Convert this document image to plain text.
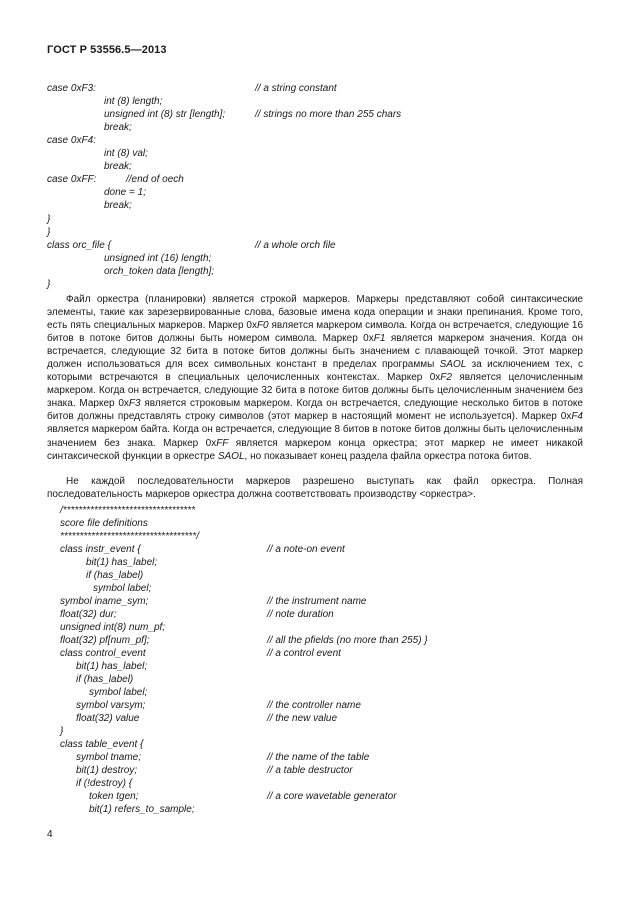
ГОСТ Р 53556.5—2013
case 0xF3:	// a string constant
int (8) length;
unsigned int (8) str [length];	// strings no more than 255 chars
break;
case 0xF4:
int (8) val;
break;
case 0xFF:	//end of oech
done = 1;
break;
}
}
class orc_file {	// a whole orch file
unsigned int (16) length;
orch_token data [length];
}
Файл оркестра (планировки) является строкой маркеров. Маркеры представляют собой синтаксические элементы, такие как зарезервированные слова, базовые имена кода операции и знаки препинания. Кроме того, есть пять специальных маркеров. Маркер 0xF0 является маркером символа. Когда он встречается, следующие 16 битов в потоке битов должны быть номером символа. Маркер 0xF1 является маркером значения. Когда он встречается, следующие 32 бита в потоке битов должны быть значением с плавающей точкой. Этот маркер должен использоваться для всех символьных констант в пределах программы SAOL за исключением тех, с которыми встречаются в специальных целочисленных контекстах. Маркер 0xF2 является целочисленным маркером. Когда он встречается, следующие 32 бита в потоке битов должны быть целочисленным значением без знака. Маркер 0xF3 является строковым маркером. Когда он встречается, следующие несколько битов в потоке битов должны представлять строку символов (этот маркер в настоящий момент не используется). Маркер 0xF4 является маркером байта. Когда он встречается, следующие 8 битов в потоке битов должны быть целочисленным значением без знака. Маркер 0xFF является маркером конца оркестра; этот маркер не имеет никакой синтаксической функции в оркестре SAOL, но показывает конец раздела файла оркестра потока битов.
Не каждой последовательности маркеров разрешено выступать как файл оркестра. Полная последовательность маркеров оркестра должна соответствовать производству <оркестра>.
/**********************************
score file definitions
***********************************/
class instr_event {	// a note-on event
bit(1) has_label;
if (has_label)
symbol label;
symbol iname_sym;	// the instrument name
float(32) dur;	// note duration
unsigned int(8) num_pf;
float(32) pf[num_pf];	// all the pfields (no more than 255) }
class control_event	// a control event
bit(1) has_label;
if (has_label)
symbol label;
symbol varsym;	// the controller name
float(32) value	// the new value
}
class table_event {
symbol tname;	// the name of the table
bit(1) destroy;	// a table destructor
if (!destroy) {
token tgen;	// a core wavetable generator
bit(1) refers_to_sample;
4
